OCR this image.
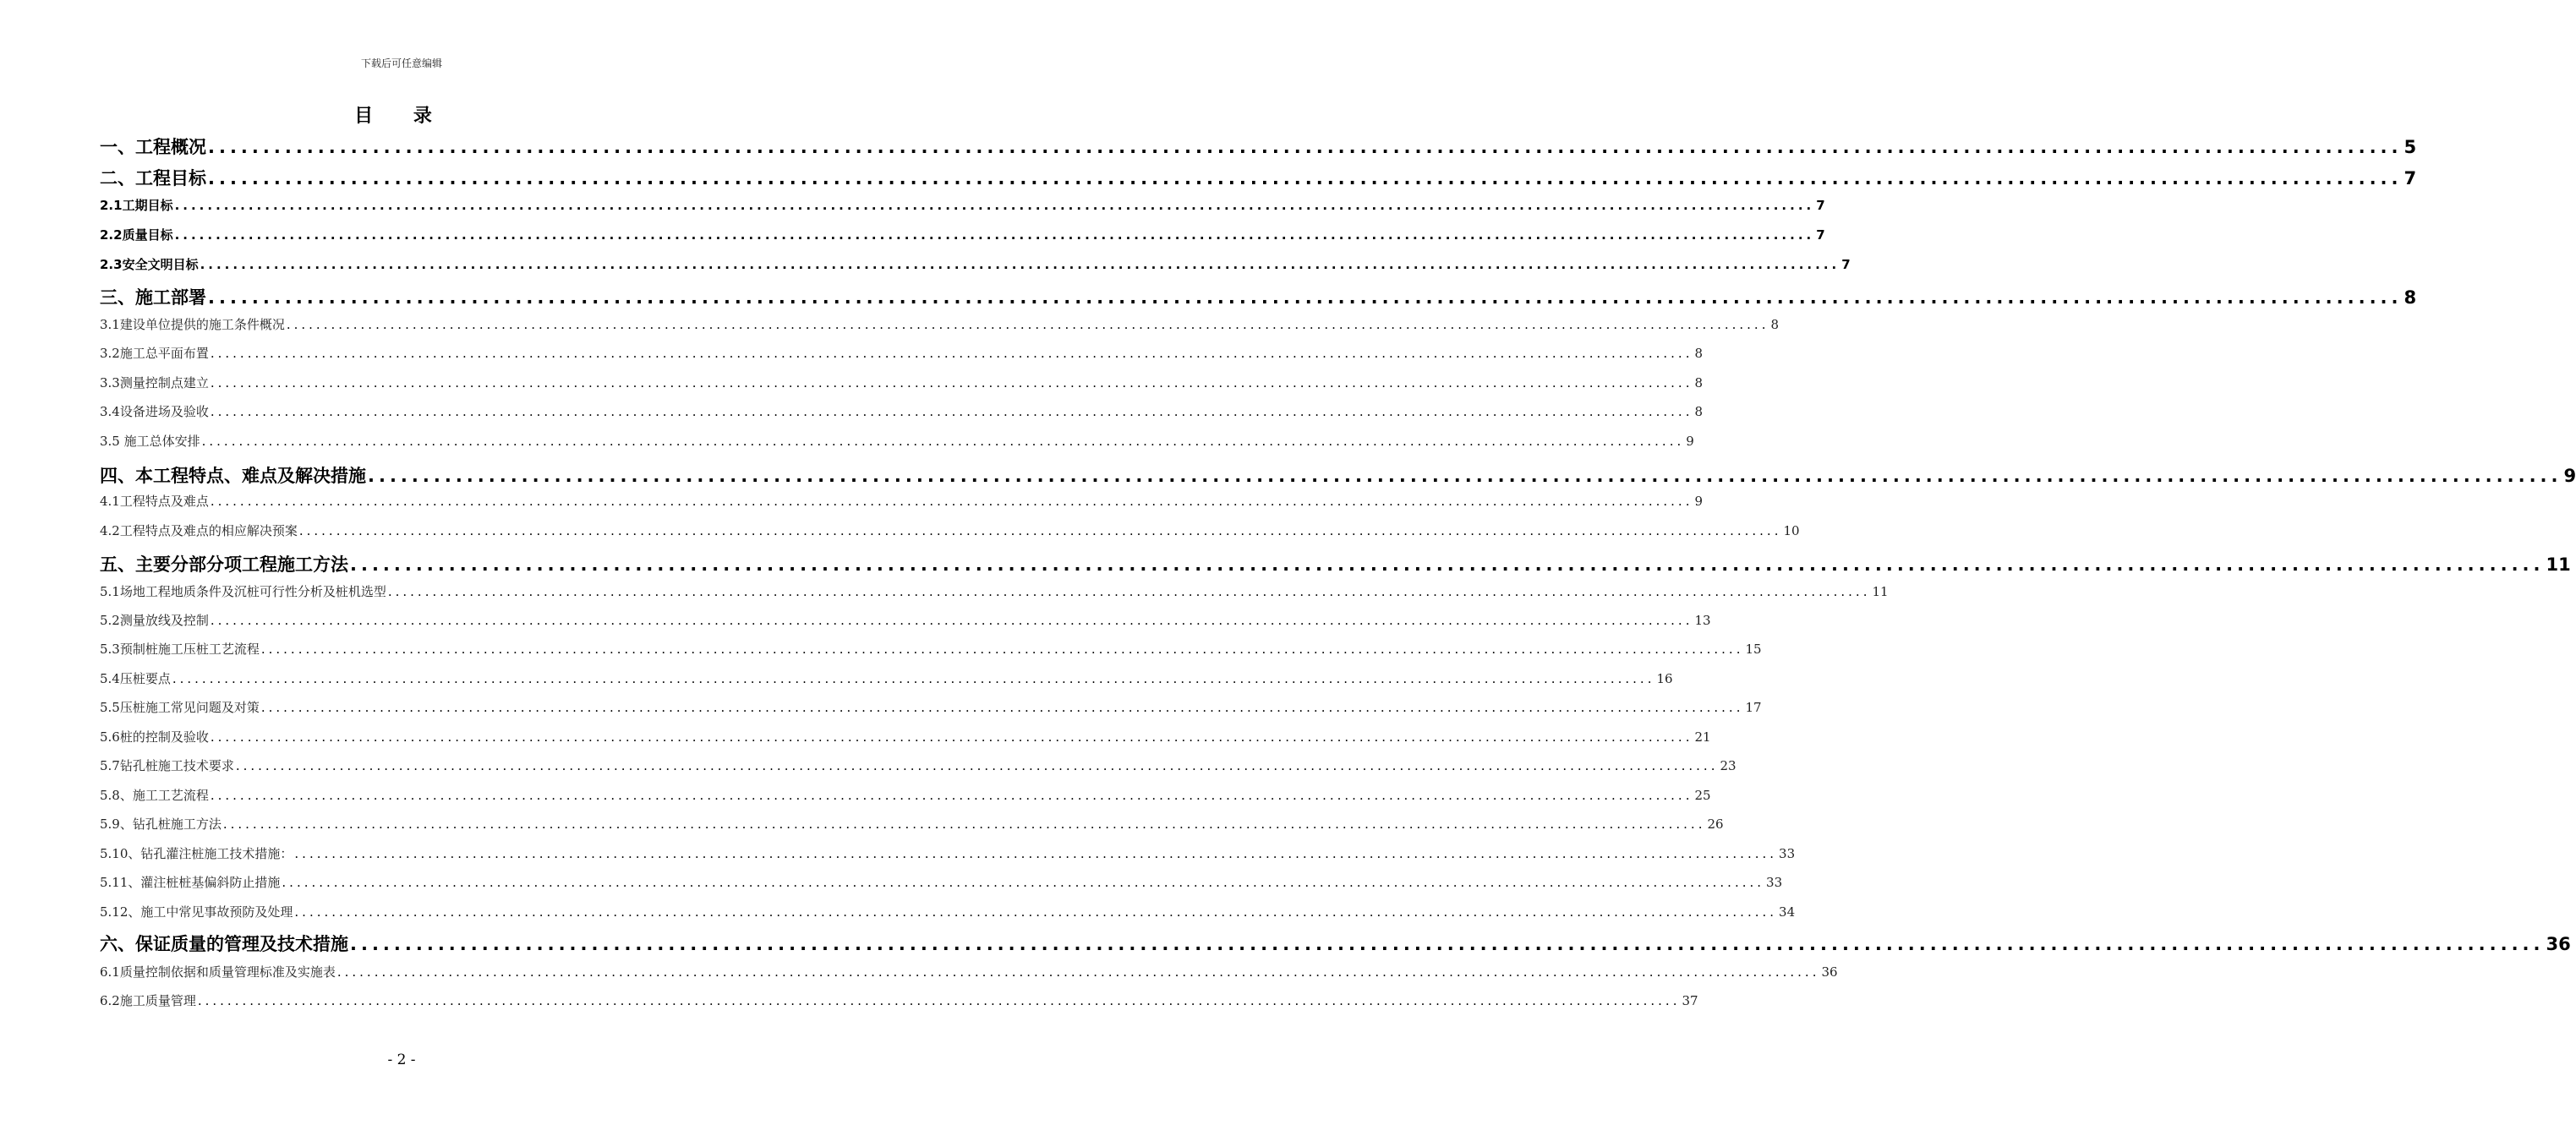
下载后可任意编辑
目 录
一、工程概况 ........................................................................................................................................................................................................ 5
二、工程目标 ........................................................................................................................................................................................................ 7
2.1工期目标 ........................................................................................................................................................................................................ 7
2.2质量目标 ........................................................................................................................................................................................................ 7
2.3安全文明目标 ........................................................................................................................................................................................................ 7
三、施工部署 ........................................................................................................................................................................................................ 8
3.1建设单位提供的施工条件概况 ........................................................................................................................................................................................................ 8
3.2施工总平面布置 ........................................................................................................................................................................................................ 8
3.3测量控制点建立 ........................................................................................................................................................................................................ 8
3.4设备进场及验收 ........................................................................................................................................................................................................ 8
3.5 施工总体安排 ........................................................................................................................................................................................................ 9
四、本工程特点、难点及解决措施 ........................................................................................................................................................................................................ 9
4.1工程特点及难点 ........................................................................................................................................................................................................ 9
4.2工程特点及难点的相应解决预案 ........................................................................................................................................................................................................ 10
五、主要分部分项工程施工方法 ........................................................................................................................................................................................................ 11
5.1场地工程地质条件及沉桩可行性分析及桩机选型 ........................................................................................................................................................................................................ 11
5.2测量放线及控制 ........................................................................................................................................................................................................ 13
5.3预制桩施工压桩工艺流程 ........................................................................................................................................................................................................ 15
5.4压桩要点 ........................................................................................................................................................................................................ 16
5.5压桩施工常见问题及对策 ........................................................................................................................................................................................................ 17
5.6桩的控制及验收 ........................................................................................................................................................................................................ 21
5.7钻孔桩施工技术要求 ........................................................................................................................................................................................................ 23
5.8、施工工艺流程 ........................................................................................................................................................................................................ 25
5.9、钻孔桩施工方法 ........................................................................................................................................................................................................ 26
5.10、钻孔灌注桩施工技术措施： ........................................................................................................................................................................................................ 33
5.11、灌注桩桩基偏斜防止措施 ........................................................................................................................................................................................................ 33
5.12、施工中常见事故预防及处理 ........................................................................................................................................................................................................ 34
六、保证质量的管理及技术措施 ........................................................................................................................................................................................................ 36
6.1质量控制依据和质量管理标准及实施表 ........................................................................................................................................................................................................ 36
6.2施工质量管理 ........................................................................................................................................................................................................ 37
- 2 -
